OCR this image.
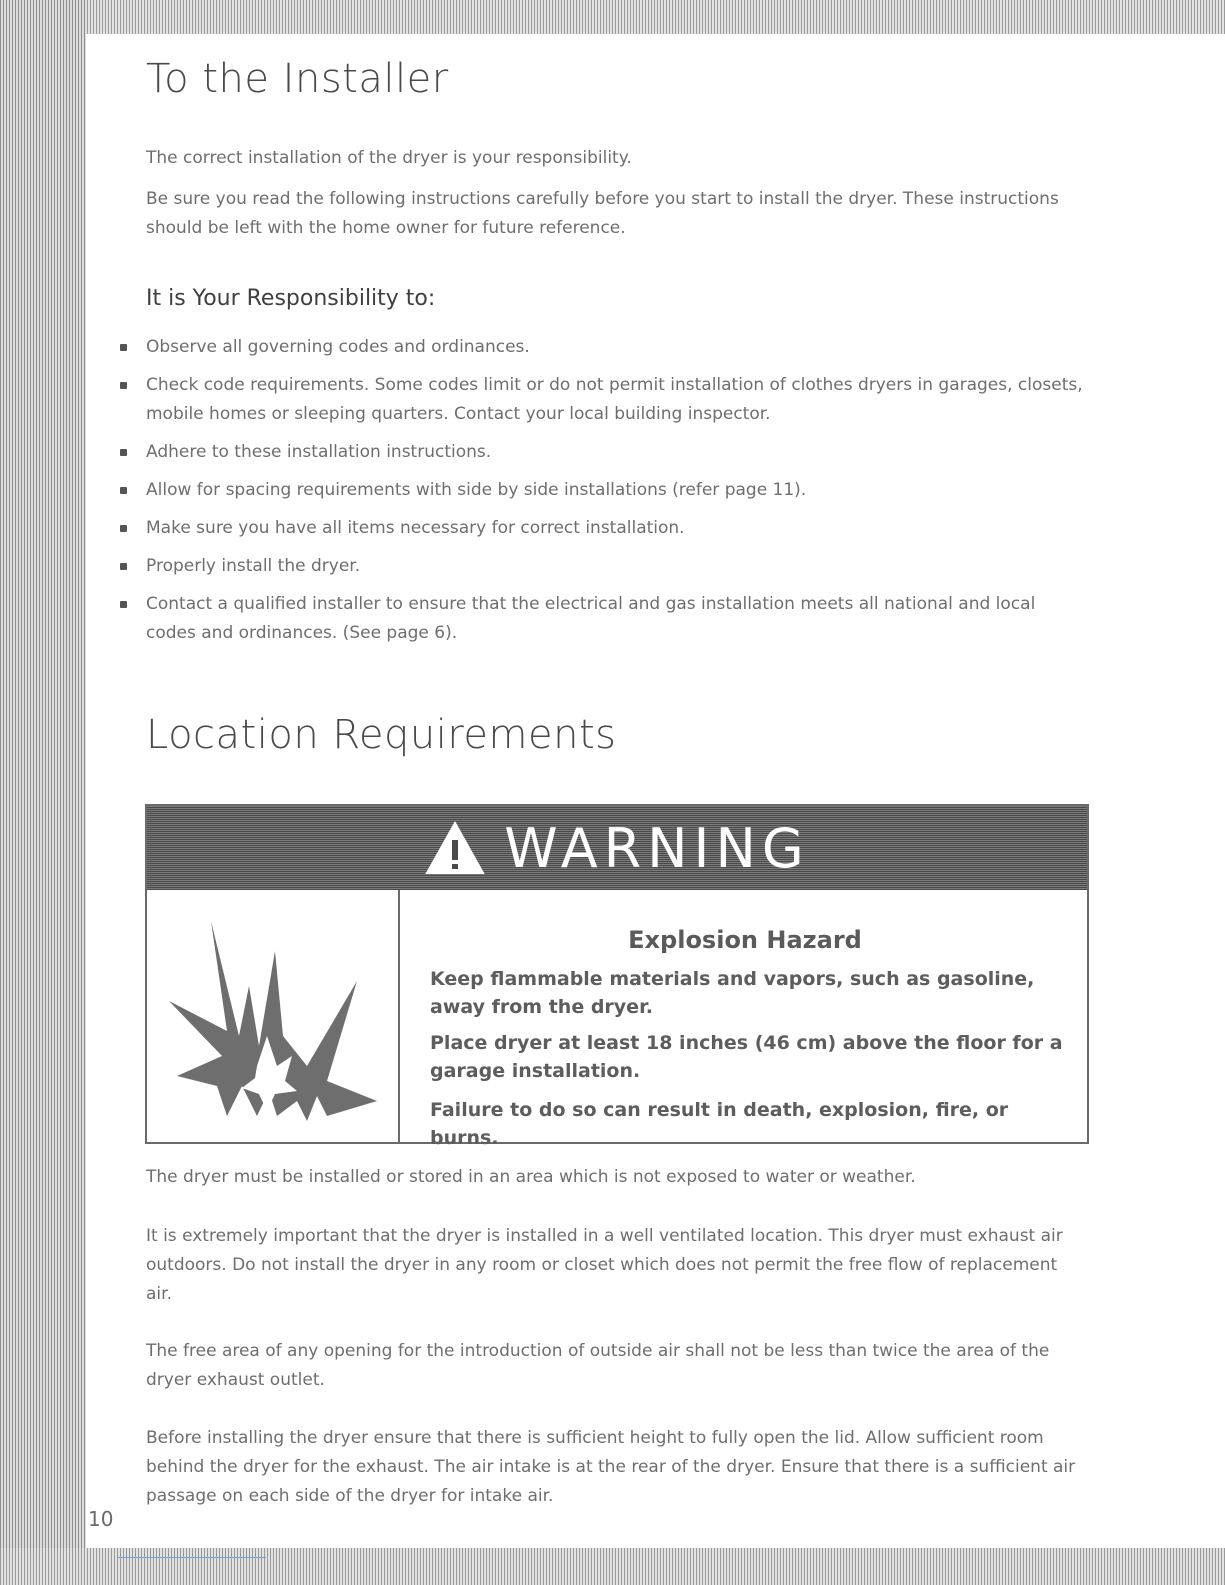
To the Installer

The correct installation of the dryer is your responsibility.

Be sure you read the following instructions carefully before you start to install the dryer. These instructions should be left with the home owner for future reference.

It is Your Responsibility to:
Observe all governing codes and ordinances.
Check code requirements. Some codes limit or do not permit installation of clothes dryers in garages, closets, mobile homes or sleeping quarters. Contact your local building inspector.
Adhere to these installation instructions.
Allow for spacing requirements with side by side installations (refer page 11).
Make sure you have all items necessary for correct installation.
Properly install the dryer.
Contact a qualified installer to ensure that the electrical and gas installation meets all national and local codes and ordinances. (See page 6).
Location Requirements
WARNING
Explosion Hazard

Keep flammable materials and vapors, such as gasoline, away from the dryer.

Place dryer at least 18 inches (46 cm) above the floor for a garage installation.

Failure to do so can result in death, explosion, fire, or burns.

The dryer must be installed or stored in an area which is not exposed to water or weather.

It is extremely important that the dryer is installed in a well ventilated location. This dryer must exhaust air outdoors. Do not install the dryer in any room or closet which does not permit the free flow of replacement air.

The free area of any opening for the introduction of outside air shall not be less than twice the area of the dryer exhaust outlet.

Before installing the dryer ensure that there is sufficient height to fully open the lid. Allow sufficient room behind the dryer for the exhaust. The air intake is at the rear of the dryer. Ensure that there is a sufficient air passage on each side of the dryer for intake air.

10
